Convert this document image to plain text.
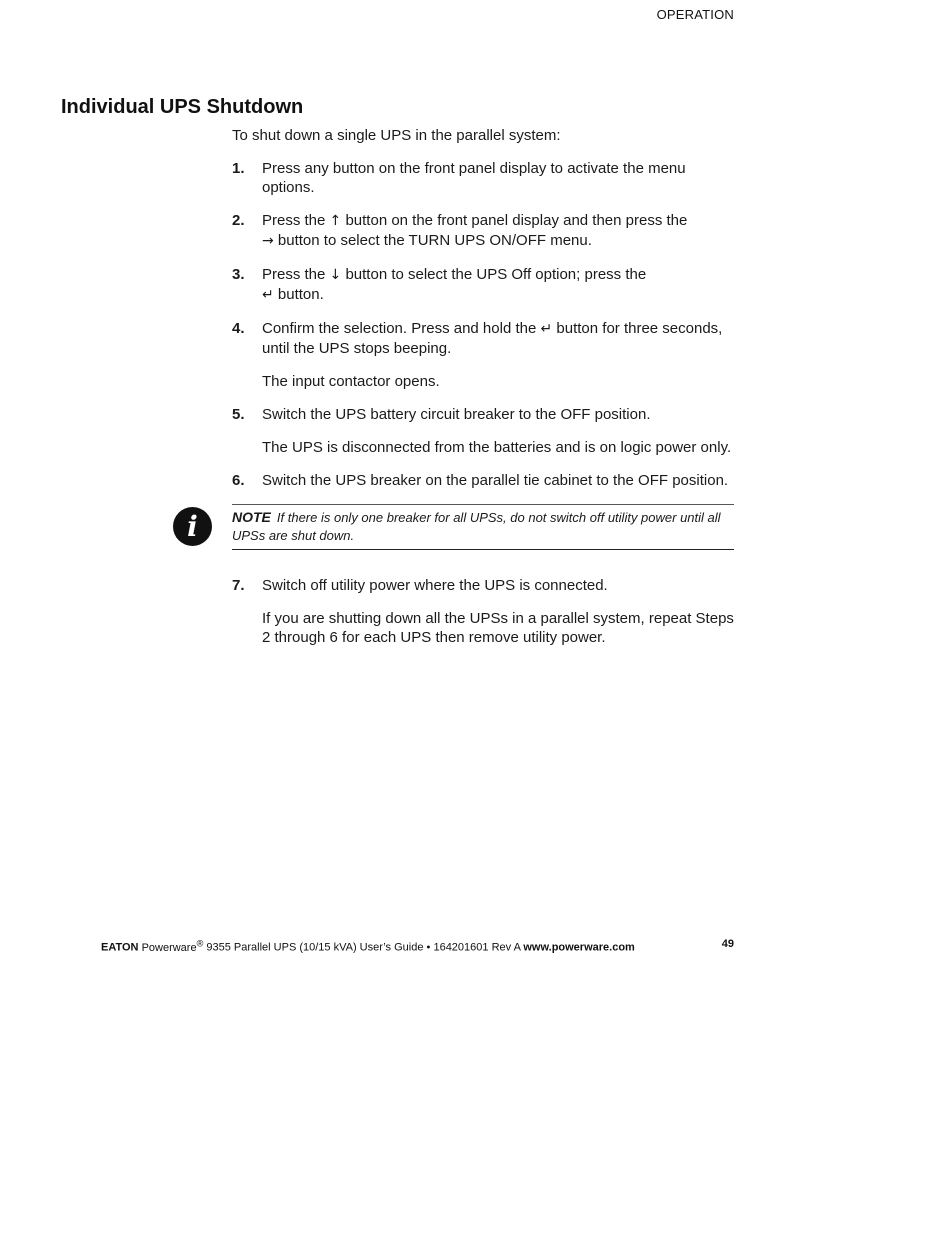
OPERATION
Individual UPS Shutdown

To shut down a single UPS in the parallel system:

1.	Press any button on the front panel display to activate the menu options.
2.	Press the ↑ button on the front panel display and then press the
→ button to select the TURN UPS ON/OFF menu.
3.	Press the ↓ button to select the UPS Off option; press the
↵ button.
4.	Confirm the selection. Press and hold the ↵ button for three seconds, until the UPS stops beeping.

The input contactor opens.

5.	Switch the UPS battery circuit breaker to the OFF position.

The UPS is disconnected from the batteries and is on logic power only.

6.	Switch the UPS breaker on the parallel tie cabinet to the OFF position.
i	NOTE If there is only one breaker for all UPSs, do not switch off utility power until all UPSs are shut down.
7.	Switch off utility power where the UPS is connected.

If you are shutting down all the UPSs in a parallel system, repeat Steps 2 through 6 for each UPS then remove utility power.

EATON Powerware® 9355 Parallel UPS (10/15 kVA) User’s Guide • 164201601 Rev A www.powerware.com	49
